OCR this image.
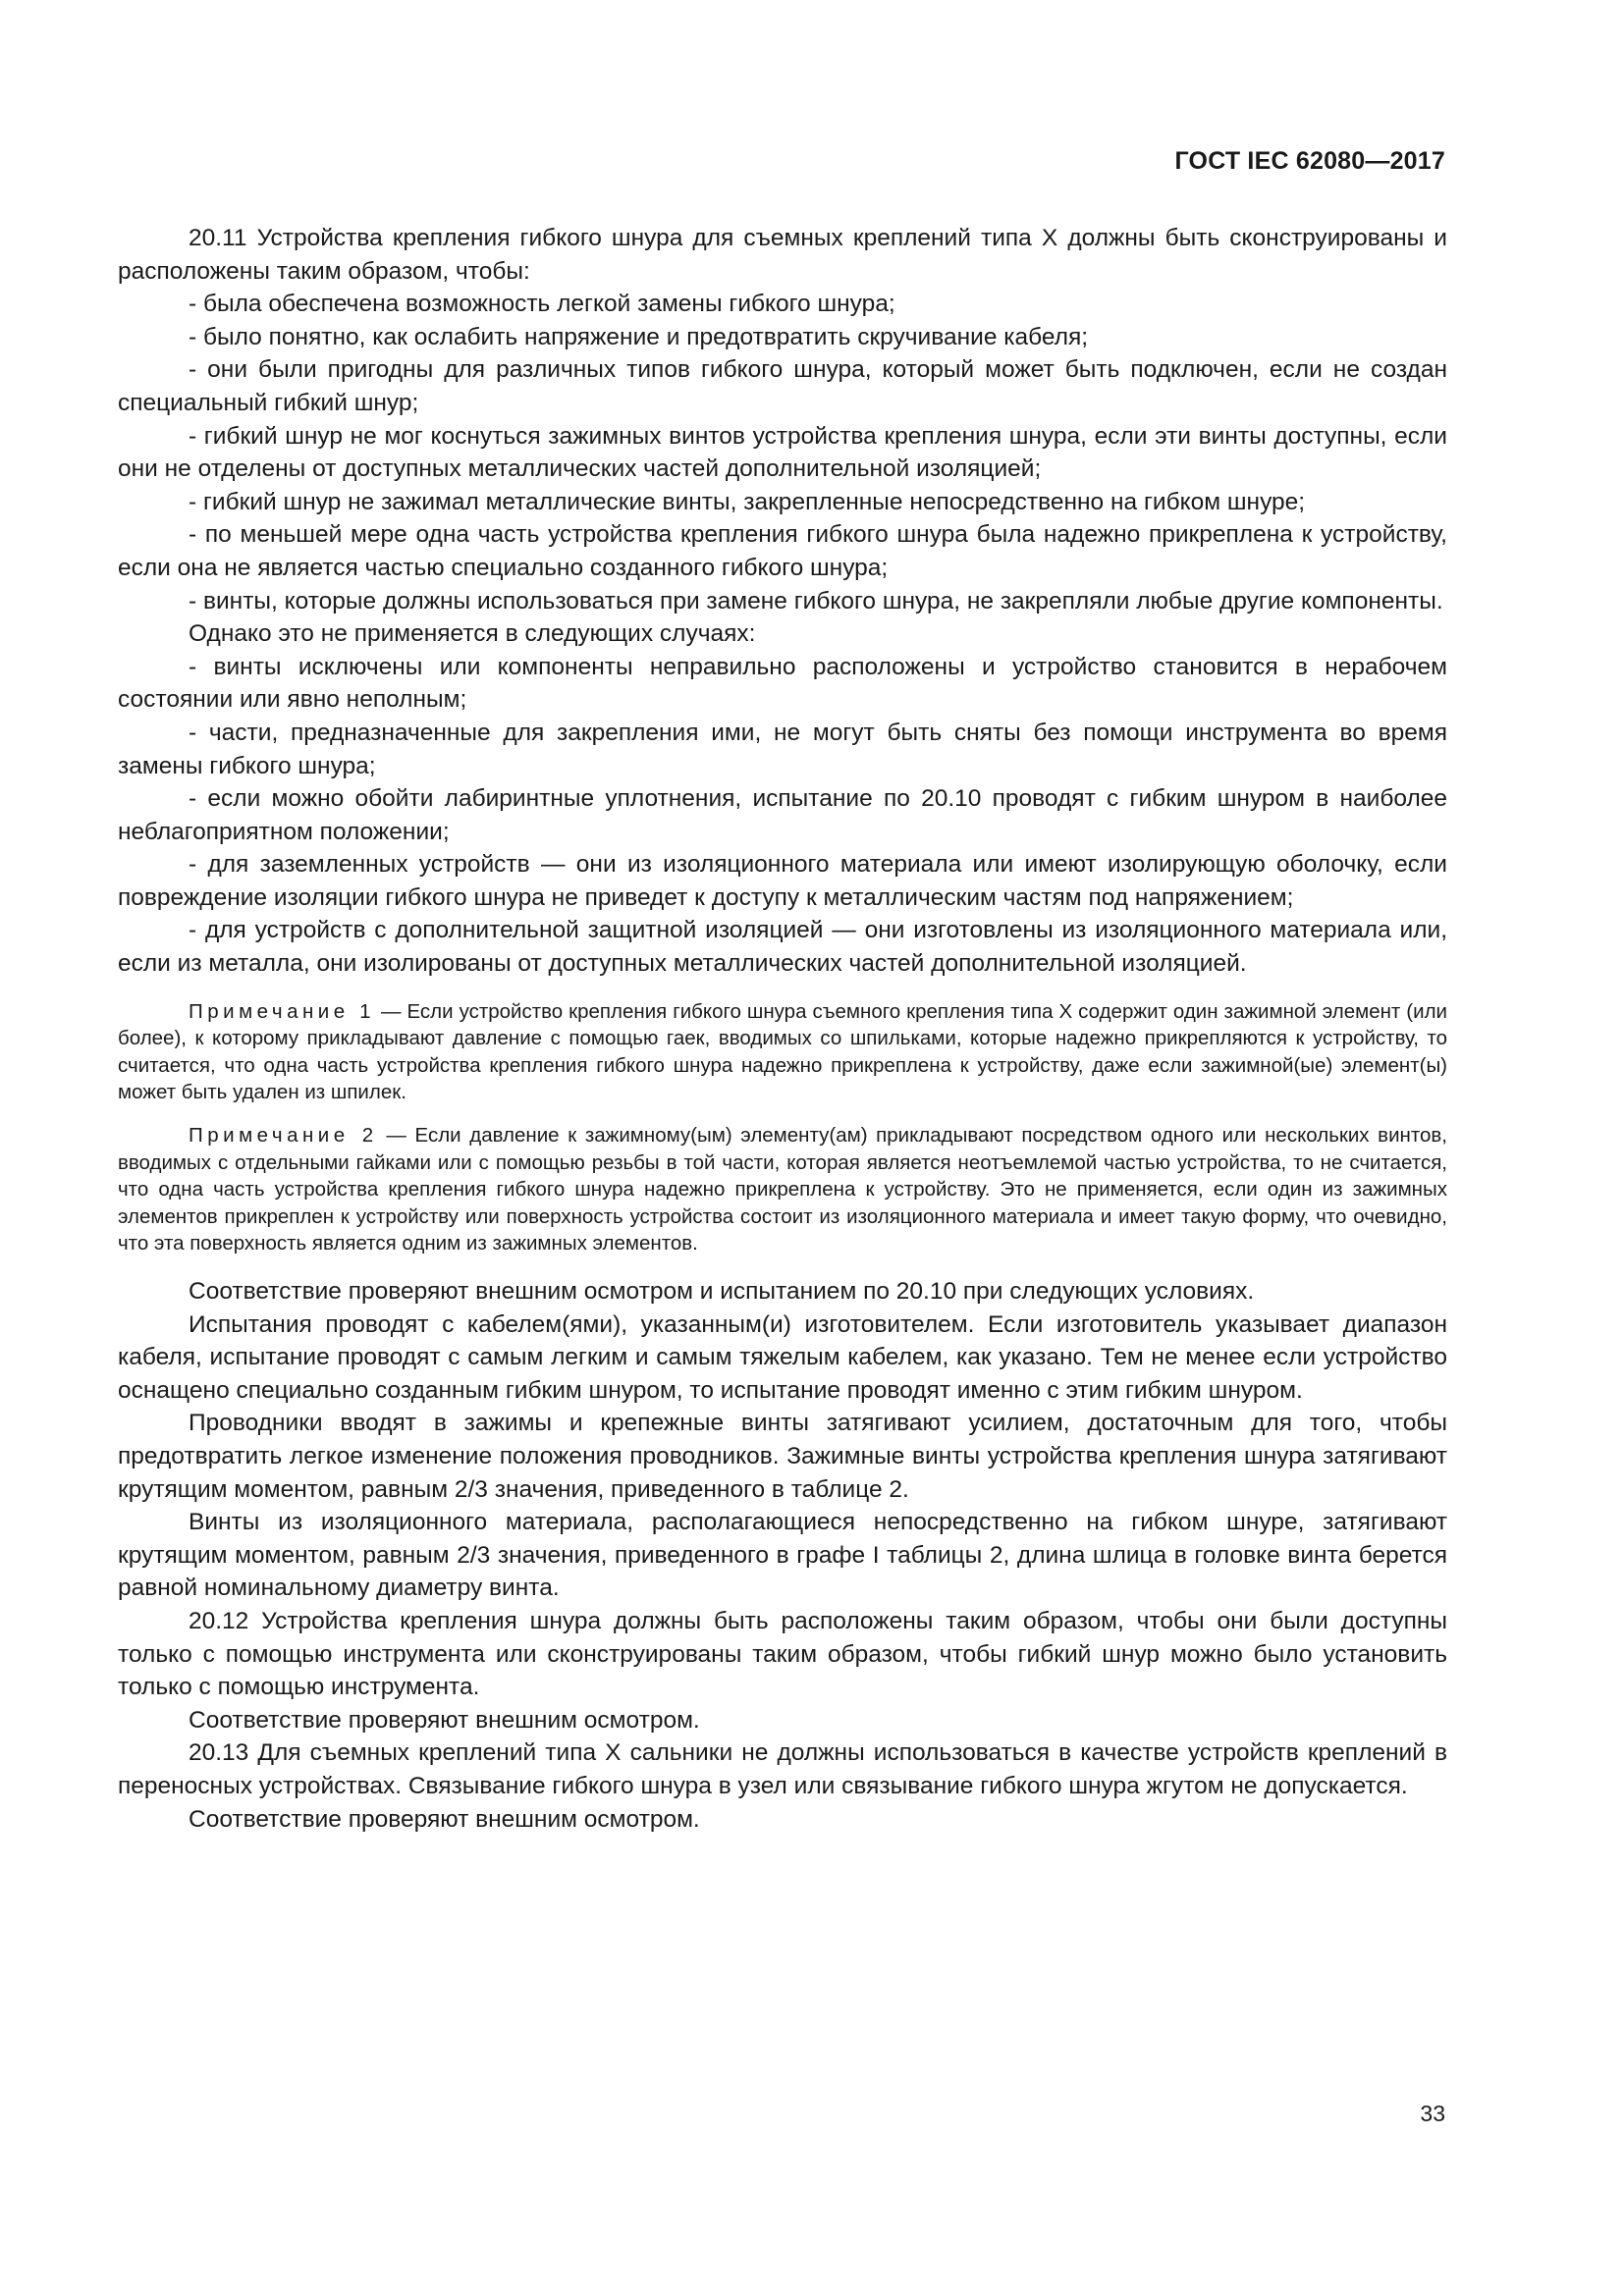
ГОСТ IEC 62080—2017

20.11 Устройства крепления гибкого шнура для съемных креплений типа X должны быть сконструированы и расположены таким образом, чтобы:

- была обеспечена возможность легкой замены гибкого шнура;

- было понятно, как ослабить напряжение и предотвратить скручивание кабеля;

- они были пригодны для различных типов гибкого шнура, который может быть подключен, если не создан специальный гибкий шнур;

- гибкий шнур не мог коснуться зажимных винтов устройства крепления шнура, если эти винты доступны, если они не отделены от доступных металлических частей дополнительной изоляцией;

- гибкий шнур не зажимал металлические винты, закрепленные непосредственно на гибком шнуре;

- по меньшей мере одна часть устройства крепления гибкого шнура была надежно прикреплена к устройству, если она не является частью специально созданного гибкого шнура;

- винты, которые должны использоваться при замене гибкого шнура, не закрепляли любые другие компоненты.

Однако это не применяется в следующих случаях:

- винты исключены или компоненты неправильно расположены и устройство становится в нерабочем состоянии или явно неполным;

- части, предназначенные для закрепления ими, не могут быть сняты без помощи инструмента во время замены гибкого шнура;

- если можно обойти лабиринтные уплотнения, испытание по 20.10 проводят с гибким шнуром в наиболее неблагоприятном положении;

- для заземленных устройств — они из изоляционного материала или имеют изолирующую оболочку, если повреждение изоляции гибкого шнура не приведет к доступу к металлическим частям под напряжением;

- для устройств с дополнительной защитной изоляцией — они изготовлены из изоляционного материала или, если из металла, они изолированы от доступных металлических частей дополнительной изоляцией.

Примечание 1 — Если устройство крепления гибкого шнура съемного крепления типа X содержит один зажимной элемент (или более), к которому прикладывают давление с помощью гаек, вводимых со шпильками, которые надежно прикрепляются к устройству, то считается, что одна часть устройства крепления гибкого шнура надежно прикреплена к устройству, даже если зажимной(ые) элемент(ы) может быть удален из шпилек.

Примечание 2 — Если давление к зажимному(ым) элементу(ам) прикладывают посредством одного или нескольких винтов, вводимых с отдельными гайками или с помощью резьбы в той части, которая является неотъемлемой частью устройства, то не считается, что одна часть устройства крепления гибкого шнура надежно прикреплена к устройству. Это не применяется, если один из зажимных элементов прикреплен к устройству или поверхность устройства состоит из изоляционного материала и имеет такую форму, что очевидно, что эта поверхность является одним из зажимных элементов.

Соответствие проверяют внешним осмотром и испытанием по 20.10 при следующих условиях.

Испытания проводят с кабелем(ями), указанным(и) изготовителем. Если изготовитель указывает диапазон кабеля, испытание проводят с самым легким и самым тяжелым кабелем, как указано. Тем не менее если устройство оснащено специально созданным гибким шнуром, то испытание проводят именно с этим гибким шнуром.

Проводники вводят в зажимы и крепежные винты затягивают усилием, достаточным для того, чтобы предотвратить легкое изменение положения проводников. Зажимные винты устройства крепления шнура затягивают крутящим моментом, равным 2/3 значения, приведенного в таблице 2.

Винты из изоляционного материала, располагающиеся непосредственно на гибком шнуре, затягивают крутящим моментом, равным 2/3 значения, приведенного в графе I таблицы 2, длина шлица в головке винта берется равной номинальному диаметру винта.

20.12 Устройства крепления шнура должны быть расположены таким образом, чтобы они были доступны только с помощью инструмента или сконструированы таким образом, чтобы гибкий шнур можно было установить только с помощью инструмента.

Соответствие проверяют внешним осмотром.

20.13 Для съемных креплений типа X сальники не должны использоваться в качестве устройств креплений в переносных устройствах. Связывание гибкого шнура в узел или связывание гибкого шнура жгутом не допускается.

Соответствие проверяют внешним осмотром.

33
